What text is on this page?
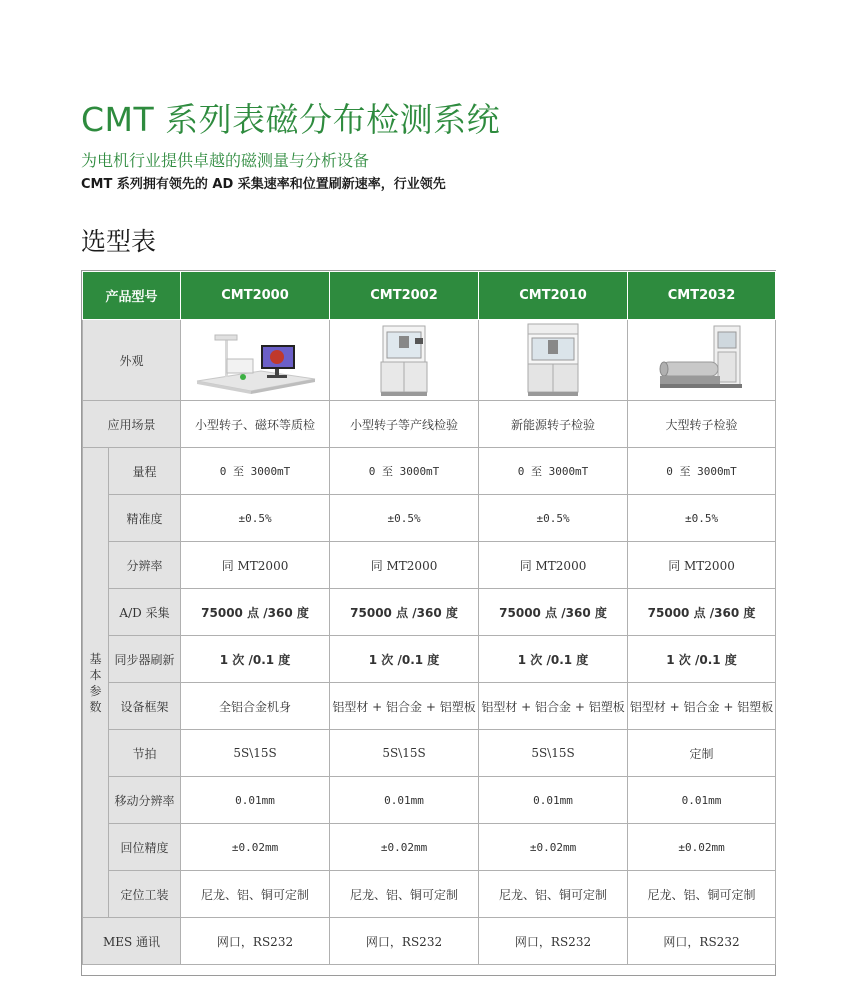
CMT 系列表磁分布检测系统
为电机行业提供卓越的磁测量与分析设备
CMT 系列拥有领先的 AD 采集速率和位置刷新速率，行业领先
选型表
产品型号		CMT2000	CMT2002	CMT2010	CMT2032
外观	

应用场景		小型转子、磁环等质检	小型转子等产线检验	新能源转子检验	大型转子检验

基
本
参
数	量程	0 至 3000mT	0 至 3000mT	0 至 3000mT	0 至 3000mT
	精准度	±0.5%	±0.5%	±0.5%	±0.5%
	分辨率	同 MT2000	同 MT2000	同 MT2000	同 MT2000
	A/D 采集	75000 点 /360 度	75000 点 /360 度	75000 点 /360 度	75000 点 /360 度
	同步器刷新	1 次 /0.1 度	1 次 /0.1 度	1 次 /0.1 度	1 次 /0.1 度
	设备框架	全铝合金机身	铝型材 + 铝合金 + 铝塑板	铝型材 + 铝合金 + 铝塑板	铝型材 + 铝合金 + 铝塑板
	节拍	5S\15S	5S\15S	5S\15S	定制
	移动分辨率	0.01mm	0.01mm	0.01mm	0.01mm
	回位精度	±0.02mm	±0.02mm	±0.02mm	±0.02mm
	定位工装	尼龙、铝、铜可定制	尼龙、铝、铜可定制	尼龙、铝、铜可定制	尼龙、铝、铜可定制
MES 通讯		网口，RS232	网口，RS232	网口，RS232	网口，RS232
